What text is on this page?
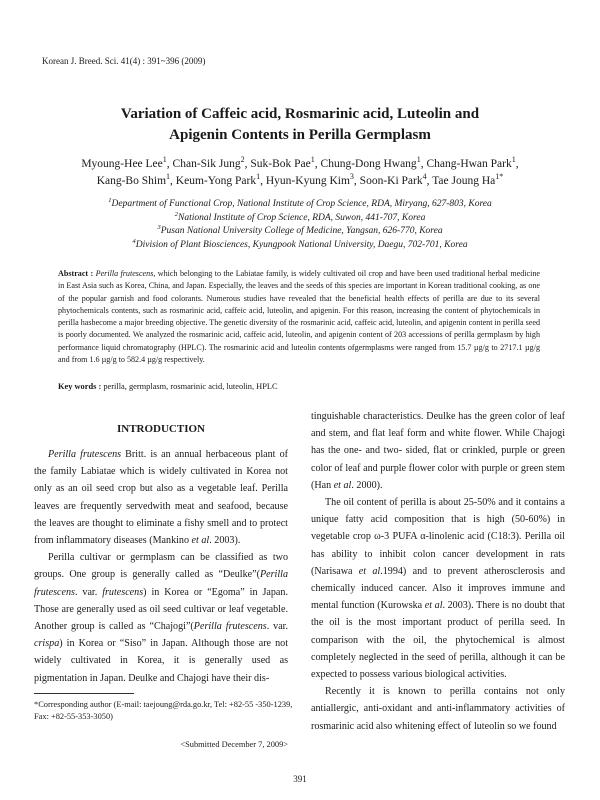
Korean J. Breed. Sci. 41(4) : 391~396 (2009)
Variation of Caffeic acid, Rosmarinic acid, Luteolin and
Apigenin Contents in Perilla Germplasm
Myoung-Hee Lee$^1$, Chan-Sik Jung$^2$, Suk-Bok Pae$^1$, Chung-Dong Hwang$^1$, Chang-Hwan Park$^1$,
Kang-Bo Shim$^1$, Keum-Yong Park$^1$, Hyun-Kyung Kim$^3$, Soon-Ki Park$^4$, Tae Joung $Ha^{1*}$
$^1$Department of Functional Crop, National Institute of Crop Science, RDA, Miryang, 627-803, Korea
$^2$National Institute of Crop Science, RDA, Suwon, 441-707, Korea
$^3$Pusan National University College of Medicine, Yangsan, 626-770, Korea
$^4$Division of Plant Biosciences, Kyungpook National University, Daegu, 702-701, Korea
Abstract : Perilla frutescens, which belonging to the Labiatae family, is widely cultivated oil crop and have been used traditional herbal medicine in East Asia such as Korea, China, and Japan. Especially, the leaves and the seeds of this species are important in Korean traditional cooking, as one of the popular garnish and food colorants. Numerous studies have revealed that the beneficial health effects of perilla are due to its several phytochemicals contents, such as rosmarinic acid, caffeic acid, luteolin, and apigenin. For this reason, increasing the content of phytochemicals in perilla hasbecome a major breeding objective. The genetic diversity of the rosmarinic acid, caffeic acid, luteolin, and apigenin content in perilla seed is poorly documented. We analyzed the rosmarinic acid, caffeic acid, luteolin, and apigenin content of 203 accessions of perilla germplasm by high performance liquid chromatography (HPLC). The rosmarinic acid and luteolin contents ofgermplasms were ranged from 15.7 µg/g to 2717.1 µg/g and from 1.6 µg/g to 582.4 µg/g respectively.
Key words : perilla, germplasm, rosmarinic acid, luteolin, HPLC
INTRODUCTION

Perilla frutescens Britt. is an annual herbaceous plant of the family Labiatae which is widely cultivated in Korea not only as an oil seed crop but also as a vegetable leaf. Perilla leaves are frequently servedwith meat and seafood, because the leaves are thought to eliminate a fishy smell and to protect from inflammatory diseases (Mankino et al. 2003).

Perilla cultivar or germplasm can be classified as two groups. One group is generally called as “Deulke”(Perilla frutescens. var. frutescens) in Korea or “Egoma” in Japan. Those are generally used as oil seed cultivar or leaf vegetable. Another group is called as “Chajogi”(Perilla frutescens. var. crispa) in Korea or “Siso” in Japan. Although those are not widely cultivated in Korea, it is generally used as pigmentation in Japan. Deulke and Chajogi have their dis-

tinguishable characteristics. Deulke has the green color of leaf and stem, and flat leaf form and white flower. While Chajogi has the one- and two- sided, flat or crinkled, purple or green color of leaf and purple flower color with purple or green stem (Han et al. 2000).

The oil content of perilla is about 25-50% and it contains a unique fatty acid composition that is high (50-60%) in vegetable crop ω-3 PUFA α-linolenic acid (C18:3). Perilla oil has ability to inhibit colon cancer development in rats (Narisawa et al.1994) and to prevent atherosclerosis and chemically induced cancer. Also it improves immune and mental function (Kurowska et al. 2003). There is no doubt that the oil is the most important product of perilla seed. In comparison with the oil, the phytochemical is almost completely neglected in the seed of perilla, although it can be expected to possess various biological activities.

Recently it is known to perilla contains not only antiallergic, anti-oxidant and anti-inflammatory activities of rosmarinic acid also whitening effect of luteolin so we found

*Corresponding author (E-mail: taejoung@rda.go.kr, Tel: +82-55 -350-1239, Fax: +82-55-353-3050)
<Submitted December 7, 2009>
391
